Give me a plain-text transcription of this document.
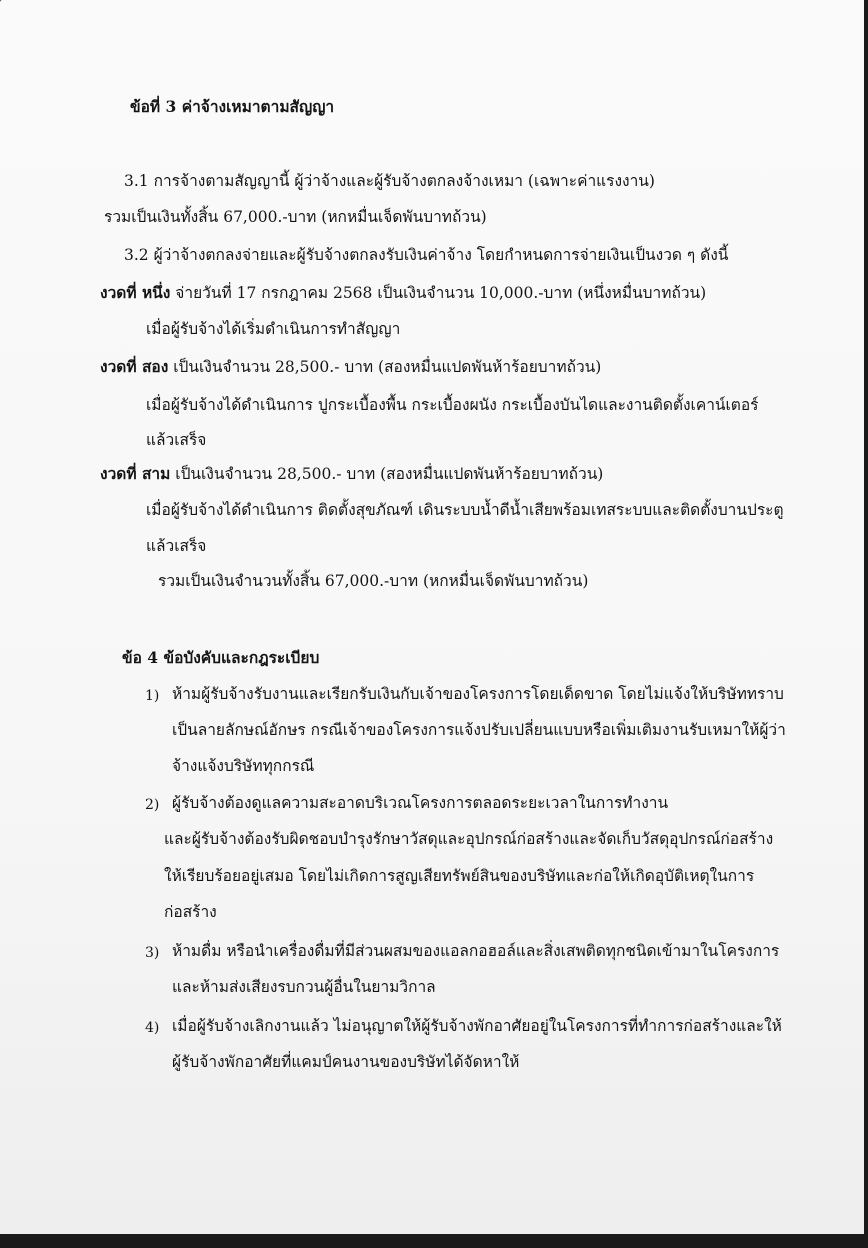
ข้อที่ 3 ค่าจ้างเหมาตามสัญญา
3.1 การจ้างตามสัญญานี้ ผู้ว่าจ้างและผู้รับจ้างตกลงจ้างเหมา (เฉพาะค่าแรงงาน)
รวมเป็นเงินทั้งสิ้น 67,000.-บาท (หกหมื่นเจ็ดพันบาทถ้วน)
3.2 ผู้ว่าจ้างตกลงจ่ายและผู้รับจ้างตกลงรับเงินค่าจ้าง โดยกำหนดการจ่ายเงินเป็นงวด ๆ ดังนี้
งวดที่ หนึ่ง จ่ายวันที่ 17 กรกฎาคม 2568 เป็นเงินจำนวน 10,000.-บาท (หนึ่งหมื่นบาทถ้วน)
เมื่อผู้รับจ้างได้เริ่มดำเนินการทำสัญญา
งวดที่ สอง เป็นเงินจำนวน 28,500.- บาท (สองหมื่นแปดพันห้าร้อยบาทถ้วน)
เมื่อผู้รับจ้างได้ดำเนินการ ปูกระเบื้องพื้น กระเบื้องผนัง กระเบื้องบันไดและงานติดตั้งเคาน์เตอร์
แล้วเสร็จ
งวดที่ สาม เป็นเงินจำนวน 28,500.- บาท (สองหมื่นแปดพันห้าร้อยบาทถ้วน)
เมื่อผู้รับจ้างได้ดำเนินการ ติดตั้งสุขภัณฑ์ เดินระบบน้ำดีน้ำเสียพร้อมเทสระบบและติดตั้งบานประตู
แล้วเสร็จ
รวมเป็นเงินจำนวนทั้งสิ้น 67,000.-บาท (หกหมื่นเจ็ดพันบาทถ้วน)
ข้อ 4 ข้อบังคับและกฎระเบียบ
1) ห้ามผู้รับจ้างรับงานและเรียกรับเงินกับเจ้าของโครงการโดยเด็ดขาด โดยไม่แจ้งให้บริษัททราบ
เป็นลายลักษณ์อักษร กรณีเจ้าของโครงการแจ้งปรับเปลี่ยนแบบหรือเพิ่มเติมงานรับเหมาให้ผู้ว่า
จ้างแจ้งบริษัททุกกรณี
2) ผู้รับจ้างต้องดูแลความสะอาดบริเวณโครงการตลอดระยะเวลาในการทำงาน
และผู้รับจ้างต้องรับผิดชอบบำรุงรักษาวัสดุและอุปกรณ์ก่อสร้างและจัดเก็บวัสดุอุปกรณ์ก่อสร้าง
ให้เรียบร้อยอยู่เสมอ โดยไม่เกิดการสูญเสียทรัพย์สินของบริษัทและก่อให้เกิดอุบัติเหตุในการ
ก่อสร้าง
3) ห้ามดื่ม หรือนำเครื่องดื่มที่มีส่วนผสมของแอลกอฮอล์และสิ่งเสพติดทุกชนิดเข้ามาในโครงการ
และห้ามส่งเสียงรบกวนผู้อื่นในยามวิกาล
4) เมื่อผู้รับจ้างเลิกงานแล้ว ไม่อนุญาตให้ผู้รับจ้างพักอาศัยอยู่ในโครงการที่ทำการก่อสร้างและให้
ผู้รับจ้างพักอาศัยที่แคมป์คนงานของบริษัทได้จัดหาให้
